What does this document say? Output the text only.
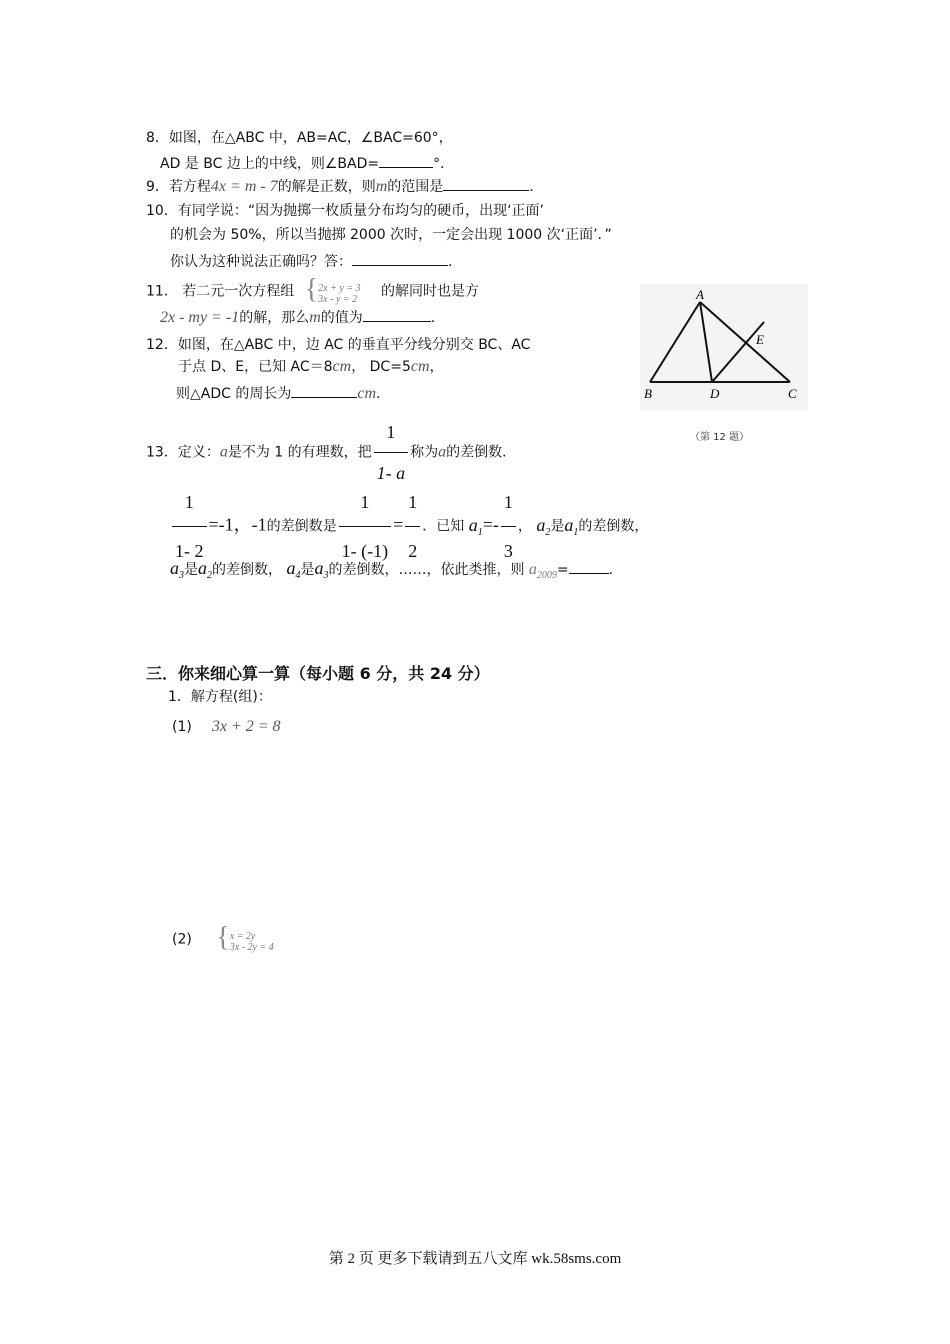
8．如图，在△ABC 中，AB=AC，∠BAC=60°，
AD 是 BC 边上的中线，则∠BAD=	°．
9．若方程4x = m - 7的解是正数，则m的范围是	.
10．有同学说：“因为抛掷一枚质量分布均匀的硬币，出现‘正面’
的机会为 50%，所以当抛掷 2000 次时，一定会出现 1000 次‘正面’．”
你认为这种说法正确吗？答：	.
11． 若二元一次方程组 {2x + y = 3
3x - y = 2 的解同时也是方
2x - my = -1的解，那么m的值为	.
12．如图，在△ABC 中，边 AC 的垂直平分线分别交 BC、AC
于点 D、E，已知 AC＝8cm， DC=5cm，
则△ADC 的周长为	cm.
A
B	C
D
E
（第 12 题）
13．定义：a是不为 1 的有理数，把 $\frac{1}{1- a}$ 称为a的差倒数．
$\frac{1}{1- 2} =-1$，-1的差倒数是 $\frac{1}{1- (-1)} = \frac{1}{2}$ ．已知 $a_1=- \frac{1}{3}$ ， $a_2$是$a_1$的差倒数，
$a_3$是$a_2$的差倒数， $a_4$是$a_3$的差倒数，……，依此类推，则 $a_{2009}=$	.
三．你来细心算一算（每小题 6 分，共 24 分）
1．解方程(组)：
(1) 3x + 2 = 8
(2) {x = 2y
3x - 2y = 4
第 2 页 更多下载请到五八文库 wk.58sms.com
